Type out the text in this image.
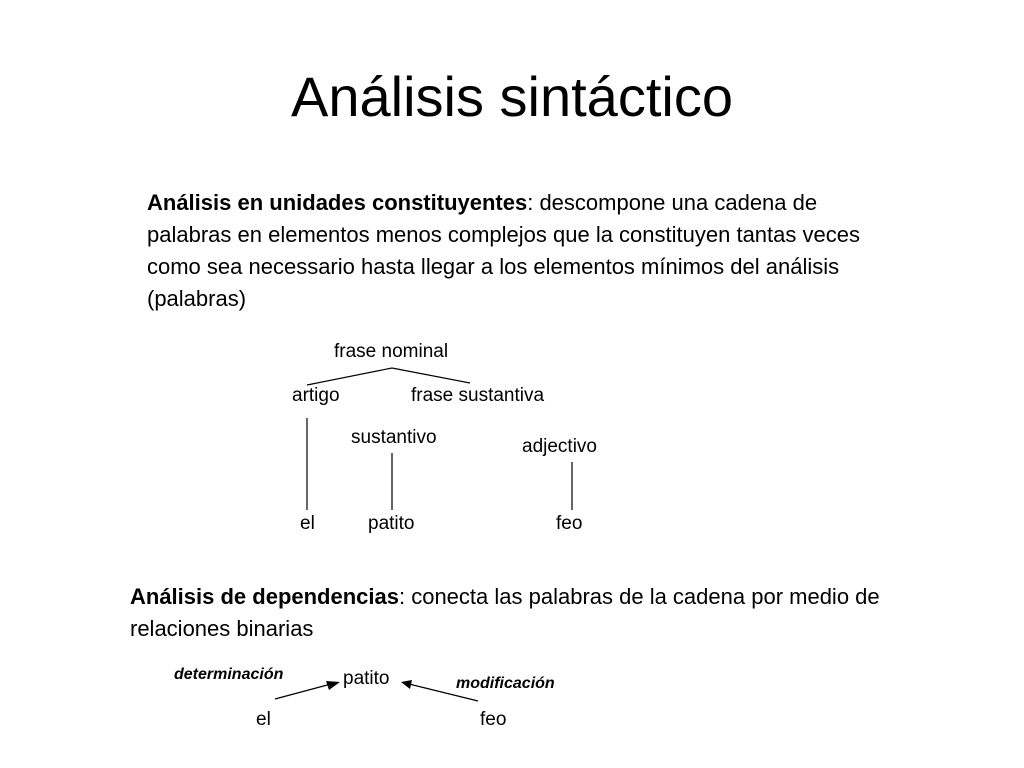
Análisis sintáctico
Análisis en unidades constituyentes: descompone una cadena de palabras en elementos menos complejos que la constituyen tantas veces como sea necessario hasta llegar a los elementos mínimos del análisis (palabras)
frase nominal
artigo	frase sustantiva
sustantivo	adjectivo
el	patito	feo
Análisis de dependencias: conecta las palabras de la cadena por medio de relaciones binarias
determinación	patito	modificación
el	feo
